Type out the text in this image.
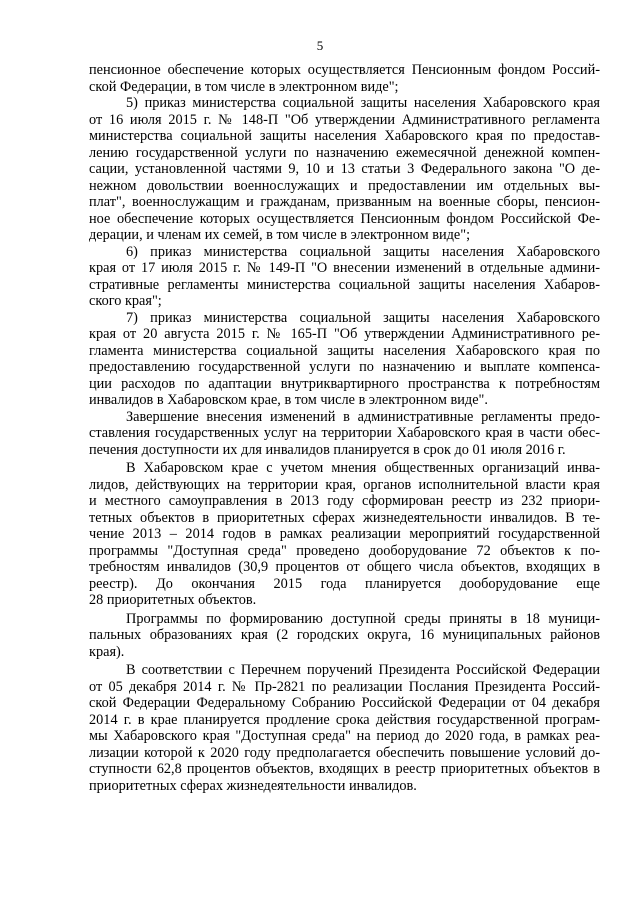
5
пенсионное обеспечение которых осуществляется Пенсионным фондом Россий-
ской Федерации, в том числе в электронном виде";
5) приказ министерства социальной защиты населения Хабаровского края
от 16 июля 2015 г. № 148-П "Об утверждении Административного регламента
министерства социальной защиты населения Хабаровского края по предостав-
лению государственной услуги по назначению ежемесячной денежной компен-
сации, установленной частями 9, 10 и 13 статьи 3 Федерального закона "О де-
нежном довольствии военнослужащих и предоставлении им отдельных вы-
плат", военнослужащим и гражданам, призванным на военные сборы, пенсион-
ное обеспечение которых осуществляется Пенсионным фондом Российской Фе-
дерации, и членам их семей, в том числе в электронном виде";
6) приказ министерства социальной защиты населения Хабаровского
края от 17 июля 2015 г. № 149-П "О внесении изменений в отдельные админи-
стративные регламенты министерства социальной защиты населения Хабаров-
ского края";
7) приказ министерства социальной защиты населения Хабаровского
края от 20 августа 2015 г. № 165-П "Об утверждении Административного ре-
гламента министерства социальной защиты населения Хабаровского края по
предоставлению государственной услуги по назначению и выплате компенса-
ции расходов по адаптации внутриквартирного пространства к потребностям
инвалидов в Хабаровском крае, в том числе в электронном виде".
Завершение внесения изменений в административные регламенты предо-
ставления государственных услуг на территории Хабаровского края в части обес-
печения доступности их для инвалидов планируется в срок до 01 июля 2016 г.
В Хабаровском крае с учетом мнения общественных организаций инва-
лидов, действующих на территории края, органов исполнительной власти края
и местного самоуправления в 2013 году сформирован реестр из 232 приори-
тетных объектов в приоритетных сферах жизнедеятельности инвалидов. В те-
чение 2013 – 2014 годов в рамках реализации мероприятий государственной
программы "Доступная среда" проведено дооборудование 72 объектов к по-
требностям инвалидов (30,9 процентов от общего числа объектов, входящих в
реестр). До окончания 2015 года планируется дооборудование еще
28 приоритетных объектов.
Программы по формированию доступной среды приняты в 18 муници-
пальных образованиях края (2 городских округа, 16 муниципальных районов
края).
В соответствии с Перечнем поручений Президента Российской Федерации
от 05 декабря 2014 г. № Пр-2821 по реализации Послания Президента Россий-
ской Федерации Федеральному Собранию Российской Федерации от 04 декабря
2014 г. в крае планируется продление срока действия государственной програм-
мы Хабаровского края "Доступная среда" на период до 2020 года, в рамках реа-
лизации которой к 2020 году предполагается обеспечить повышение условий до-
ступности 62,8 процентов объектов, входящих в реестр приоритетных объектов в
приоритетных сферах жизнедеятельности инвалидов.
